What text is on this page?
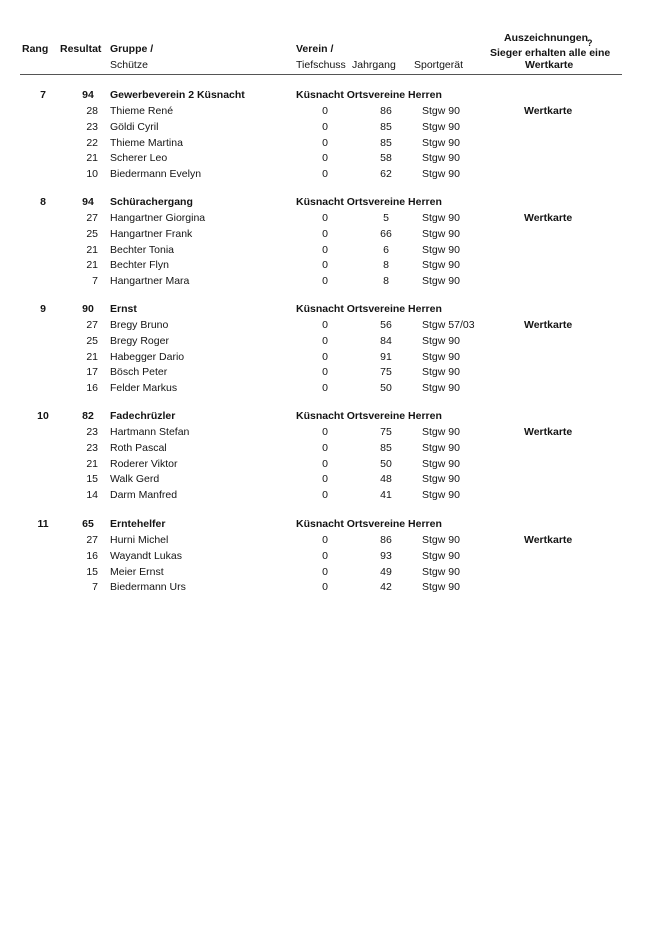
Rang Resultat Gruppe /
Schütze
Verein /
Tiefschuss Jahrgang Sportgerät
Auszeichnungen
?
Sieger erhalten alle eine
Wertkarte
7	94	Gewerbeverein 2 Küsnacht	Küsnacht Ortsvereine Herren
28 Thieme René	0	86	Stgw 90	Wertkarte
23 Göldi Cyril	0	85	Stgw 90
22 Thieme Martina	0	85	Stgw 90
21 Scherer Leo	0	58	Stgw 90
10 Biedermann Evelyn	0	62	Stgw 90
8	94	Schürachergang	Küsnacht Ortsvereine Herren
27 Hangartner Giorgina	0	5	Stgw 90	Wertkarte
25 Hangartner Frank	0	66	Stgw 90
21 Bechter Tonia	0	6	Stgw 90
21 Bechter Flyn	0	8	Stgw 90
7 Hangartner Mara	0	8	Stgw 90
9	90	Ernst	Küsnacht Ortsvereine Herren
27 Bregy Bruno	0	56	Stgw 57/03	Wertkarte
25 Bregy Roger	0	84	Stgw 90
21 Habegger Dario	0	91	Stgw 90
17 Bösch Peter	0	75	Stgw 90
16 Felder Markus	0	50	Stgw 90
10	82	Fadechrüzler	Küsnacht Ortsvereine Herren
23 Hartmann Stefan	0	75	Stgw 90	Wertkarte
23 Roth Pascal	0	85	Stgw 90
21 Roderer Viktor	0	50	Stgw 90
15 Walk Gerd	0	48	Stgw 90
14 Darm Manfred	0	41	Stgw 90
11	65	Erntehelfer	Küsnacht Ortsvereine Herren
27 Hurni Michel	0	86	Stgw 90	Wertkarte
16 Wayandt Lukas	0	93	Stgw 90
15 Meier Ernst	0	49	Stgw 90
7 Biedermann Urs	0	42	Stgw 90
